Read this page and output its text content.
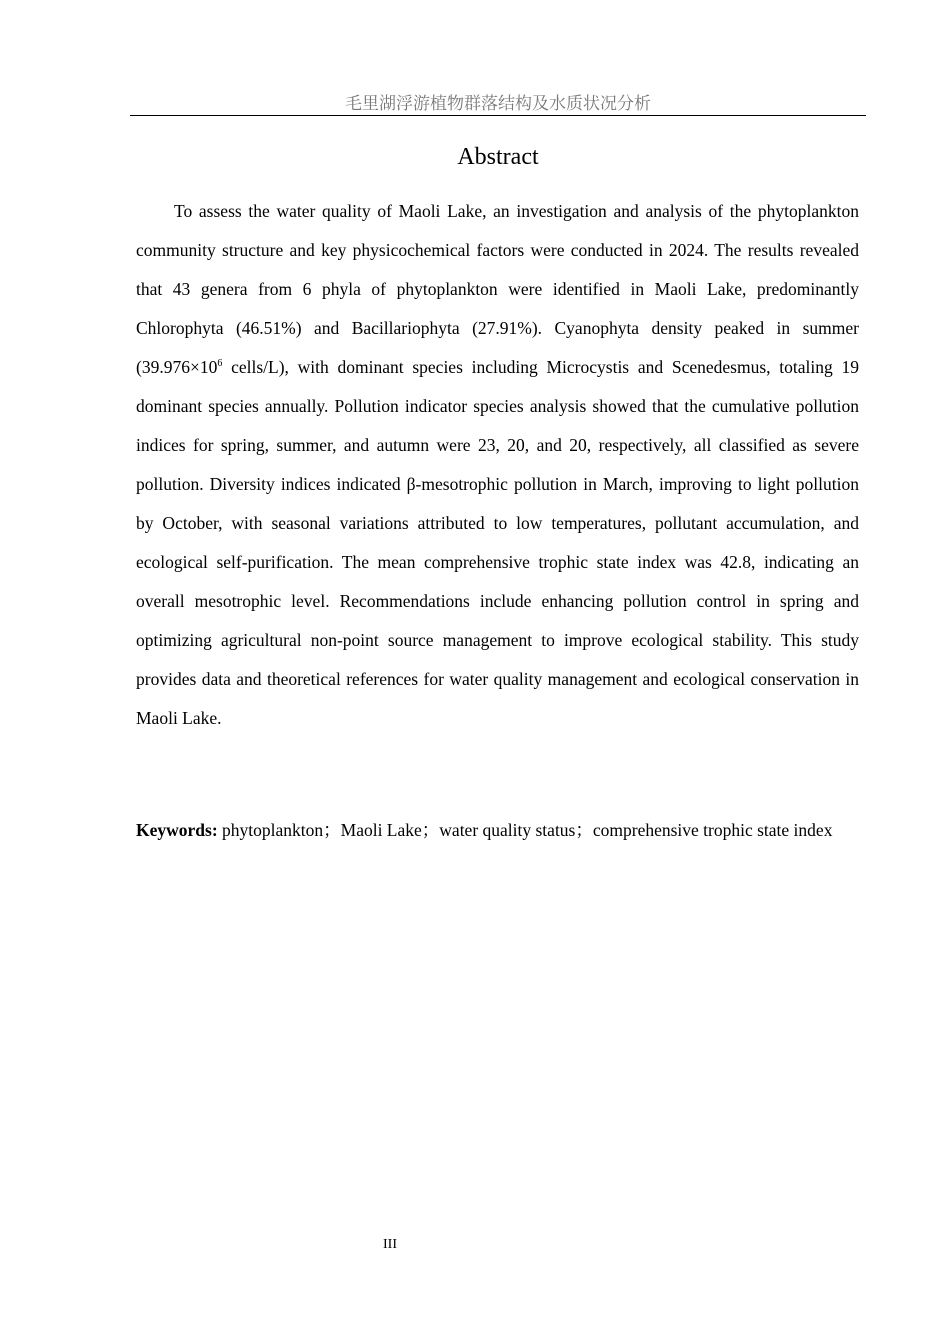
毛里湖浮游植物群落结构及水质状况分析
Abstract

To assess the water quality of Maoli Lake, an investigation and analysis of the phytoplankton community structure and key physicochemical factors were conducted in 2024. The results revealed that 43 genera from 6 phyla of phytoplankton were identified in Maoli Lake, predominantly Chlorophyta (46.51%) and Bacillariophyta (27.91%). Cyanophyta density peaked in summer ($39.976\times 10^6$ cells/L), with dominant species including Microcystis and Scenedesmus, totaling 19 dominant species annually. Pollution indicator species analysis showed that the cumulative pollution indices for spring, summer, and autumn were 23, 20, and 20, respectively, all classified as severe pollution. Diversity indices indicated β-mesotrophic pollution in March, improving to light pollution by October, with seasonal variations attributed to low temperatures, pollutant accumulation, and ecological self-purification. The mean comprehensive trophic state index was 42.8, indicating an overall mesotrophic level. Recommendations include enhancing pollution control in spring and optimizing agricultural non-point source management to improve ecological stability. This study provides data and theoretical references for water quality management and ecological conservation in Maoli Lake.

Keywords: phytoplankton；Maoli Lake；water quality status；comprehensive trophic state index

III
